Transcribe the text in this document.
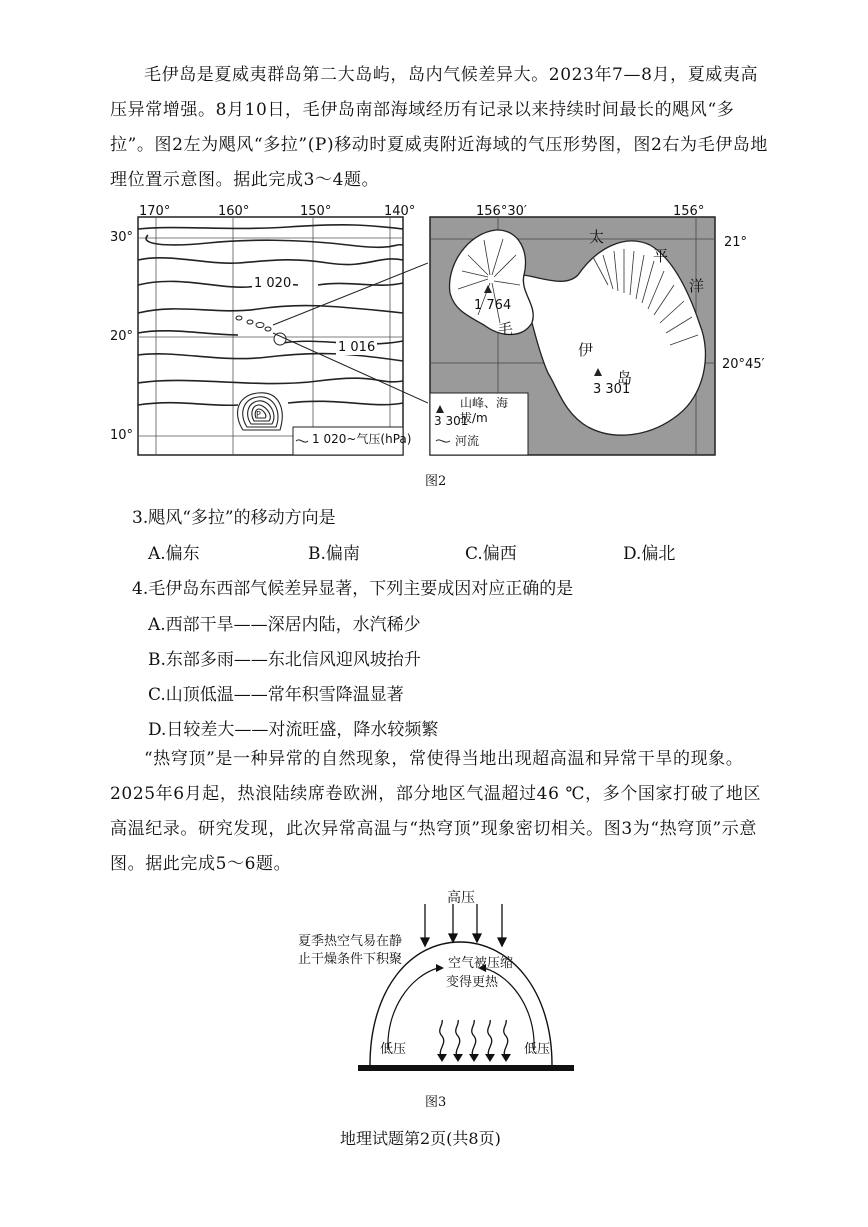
毛伊岛是夏威夷群岛第二大岛屿，岛内气候差异大。2023年7—8月，夏威夷高压异常增强。8月10日，毛伊岛南部海域经历有记录以来持续时间最长的飓风“多拉”。图2左为飓风“多拉”(P)移动时夏威夷附近海域的气压形势图，图2右为毛伊岛地理位置示意图。据此完成3～4题。
P
170°	160°	150°	140°
30°
20°
10°
1 020
1 016
1 020~气压(hPa)
156°30′	156°
21°
20°45′
太
平
洋
毛
伊
岛
1 764
3 301
3 301
山峰、海拔/m
河流
图2
3.飓风“多拉”的移动方向是
A.偏东	B.偏南	C.偏西	D.偏北
4.毛伊岛东西部气候差异显著，下列主要成因对应正确的是
A.西部干旱——深居内陆，水汽稀少
B.东部多雨——东北信风迎风坡抬升
C.山顶低温——常年积雪降温显著
D.日较差大——对流旺盛，降水较频繁
“热穹顶”是一种异常的自然现象，常使得当地出现超高温和异常干旱的现象。2025年6月起，热浪陆续席卷欧洲，部分地区气温超过46 ℃，多个国家打破了地区高温纪录。研究发现，此次异常高温与“热穹顶”现象密切相关。图3为“热穹顶”示意图。据此完成5～6题。
高压
夏季热空气易在静
止干燥条件下积聚	空气被压缩
变得更热
低压	低压
图3
地理试题第2页(共8页)
